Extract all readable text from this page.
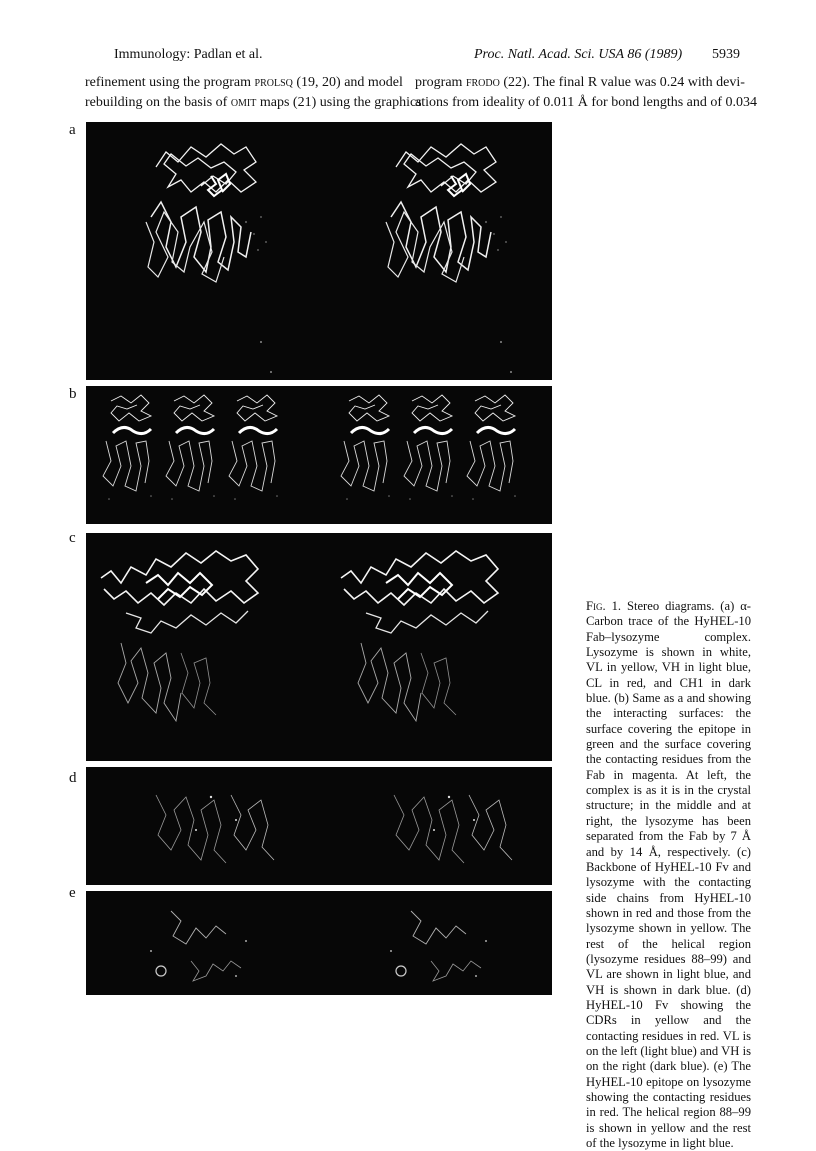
Immunology: Padlan et al.	Proc. Natl. Acad. Sci. USA 86 (1989) 5939
refinement using the program prolsq (19, 20) and model
rebuilding on the basis of omit maps (21) using the graphics
program frodo (22). The final R value was 0.24 with devi-
ations from ideality of 0.011 Å for bond lengths and of 0.034
a
b
c
d
e
Fig. 1. Stereo diagrams. (a) α-Carbon trace of the HyHEL-10 Fab–lysozyme complex. Lysozyme is shown in white, VL in yellow, VH in light blue, CL in red, and CH1 in dark blue. (b) Same as a and showing the interacting surfaces: the surface covering the epitope in green and the surface covering the contacting residues from the Fab in magenta. At left, the complex is as it is in the crystal structure; in the middle and at right, the lysozyme has been separated from the Fab by 7 Å and by 14 Å, respectively. (c) Backbone of HyHEL-10 Fv and lysozyme with the contacting side chains from HyHEL-10 shown in red and those from the lysozyme shown in yellow. The rest of the helical region (lysozyme residues 88–99) and VL are shown in light blue, and VH is shown in dark blue. (d) HyHEL-10 Fv showing the CDRs in yellow and the contacting residues in red. VL is on the left (light blue) and VH is on the right (dark blue). (e) The HyHEL-10 epitope on lysozyme showing the contacting residues in red. The helical region 88–99 is shown in yellow and the rest of the lysozyme in light blue.
